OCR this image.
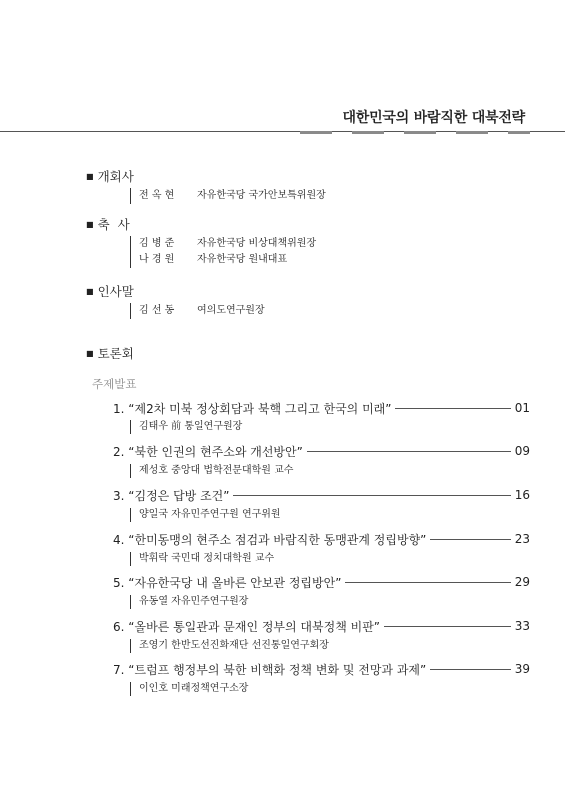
대한민국의 바람직한 대북전략
■ 개회사
전 옥 현 자유한국당 국가안보특위원장
■ 축  사
김 병 준 자유한국당 비상대책위원장
나 경 원 자유한국당 원내대표
■ 인사말
김 선 동 여의도연구원장
■ 토론회
주제발표
1. “제2차 미북 정상회담과 북핵 그리고 한국의 미래”	01
김태우 前 통일연구원장
2. “북한 인권의 현주소와 개선방안”	09
제성호 중앙대 법학전문대학원 교수
3. “김정은 답방 조건”	16
양일국 자유민주연구원 연구위원
4. “한미동맹의 현주소 점검과 바람직한 동맹관계 정립방향”	23
박휘락 국민대 정치대학원 교수
5. “자유한국당 내 올바른 안보관 정립방안”	29
유동열 자유민주연구원장
6. “올바른 통일관과 문재인 정부의 대북정책 비판”	33
조영기 한반도선진화재단 선진통일연구회장
7. “트럼프 행정부의 북한 비핵화 정책 변화 및 전망과 과제”	39
이인호 미래정책연구소장
